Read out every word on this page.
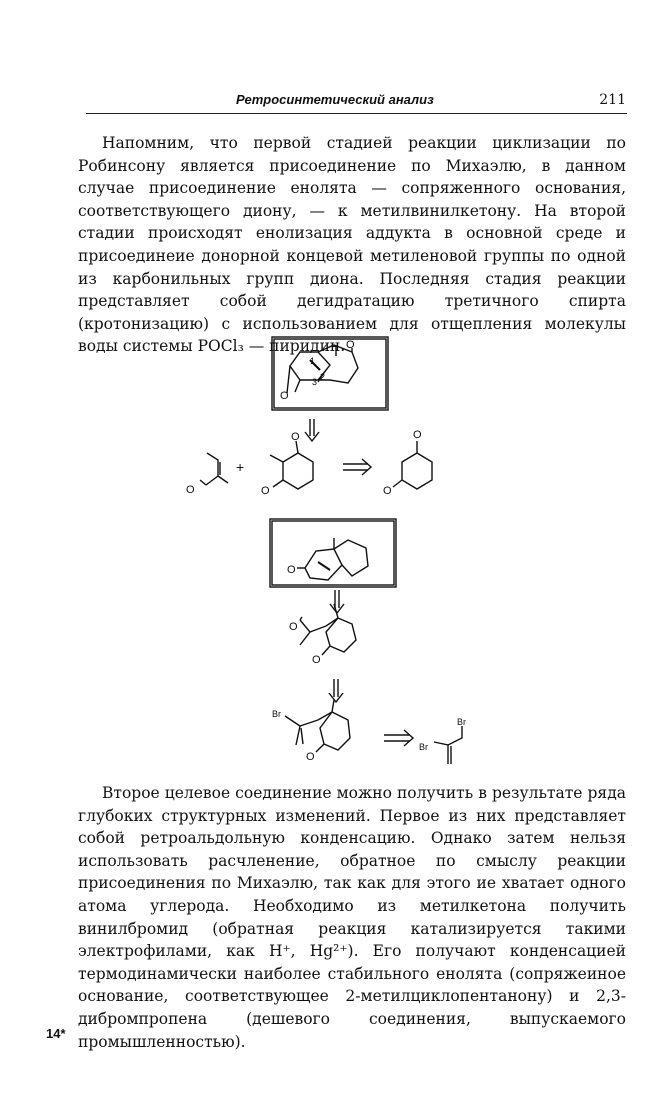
Ретросинтетический анализ	211

Напомним, что первой стадией реакции циклизации по Робинсону является присоединение по Михаэлю, в данном случае присоединение енолята — сопряженного основания, соответствующего диону, — к метилвинилкетону. На второй стадии происходят енолизация аддукта в основной среде и присоединеие донорной концевой метиленовой группы по одной из карбонильных групп диона. Последняя стадия реакции представляет собой дегидратацию третичного спирта (кротонизацию) с использованием для отщепления молекулы воды системы POCl₃ — пиридин. O
O
3 2
1
O
O
+
O
O
O
O
O
O
Br
O
Br
Br

Второе целевое соединение можно получить в результате ряда глубоких структурных изменений. Первое из них представляет собой ретроальдольную конденсацию. Однако затем нельзя использовать расчленение, обратное по смыслу реакции присоединения по Михаэлю, так как для этого ие хватает одного атома углерода. Необходимо из метилкетона получить винилбромид (обратная реакция катализируется такими электрофилами, как H⁺, Hg²⁺). Его получают конденсацией термодинамически наиболее стабильного енолята (сопряжеиное основание, соответствующее 2-метилциклопентанону) и 2,3-дибромпропена (дешевого соединения, выпускаемого промышленностью).

14*
